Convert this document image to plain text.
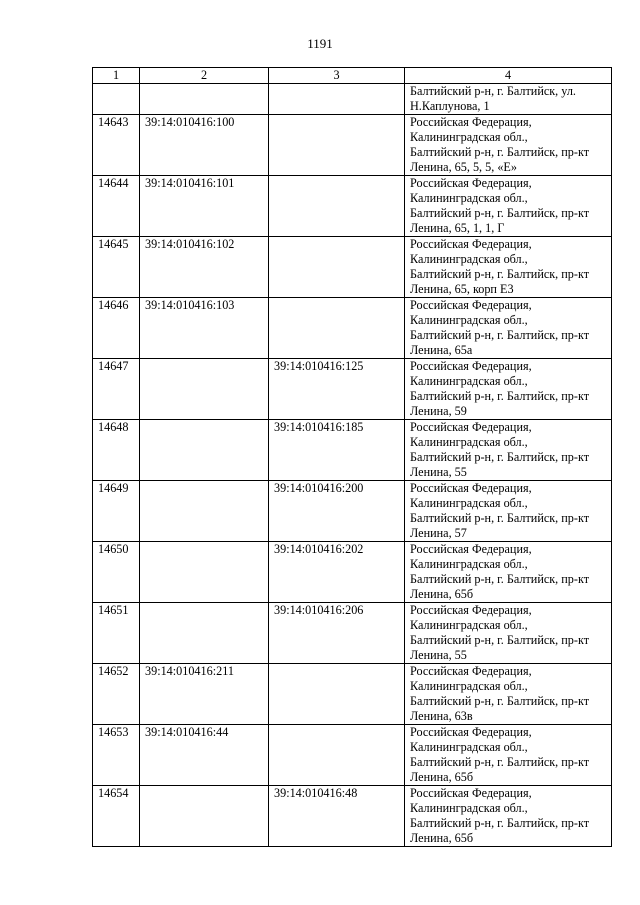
1191
1	2	3	4

			Балтийский р-н, г. Балтийск, ул.
Н.Каплунова, 1

14643	39:14:010416:100		Российская Федерация,
Калининградская обл.,
Балтийский р-н, г. Балтийск, пр-кт
Ленина, 65, 5, 5, «Е»

14644	39:14:010416:101		Российская Федерация,
Калининградская обл.,
Балтийский р-н, г. Балтийск, пр-кт
Ленина, 65, 1, 1, Г

14645	39:14:010416:102		Российская Федерация,
Калининградская обл.,
Балтийский р-н, г. Балтийск, пр-кт
Ленина, 65, корп Е3

14646	39:14:010416:103		Российская Федерация,
Калининградская обл.,
Балтийский р-н, г. Балтийск, пр-кт
Ленина, 65а

14647		39:14:010416:125	Российская Федерация,
Калининградская обл.,
Балтийский р-н, г. Балтийск, пр-кт
Ленина, 59

14648		39:14:010416:185	Российская Федерация,
Калининградская обл.,
Балтийский р-н, г. Балтийск, пр-кт
Ленина, 55

14649		39:14:010416:200	Российская Федерация,
Калининградская обл.,
Балтийский р-н, г. Балтийск, пр-кт
Ленина, 57

14650		39:14:010416:202	Российская Федерация,
Калининградская обл.,
Балтийский р-н, г. Балтийск, пр-кт
Ленина, 65б

14651		39:14:010416:206	Российская Федерация,
Калининградская обл.,
Балтийский р-н, г. Балтийск, пр-кт
Ленина, 55

14652	39:14:010416:211		Российская Федерация,
Калининградская обл.,
Балтийский р-н, г. Балтийск, пр-кт
Ленина, 63в

14653	39:14:010416:44		Российская Федерация,
Калининградская обл.,
Балтийский р-н, г. Балтийск, пр-кт
Ленина, 65б

14654		39:14:010416:48	Российская Федерация,
Калининградская обл.,
Балтийский р-н, г. Балтийск, пр-кт
Ленина, 65б
